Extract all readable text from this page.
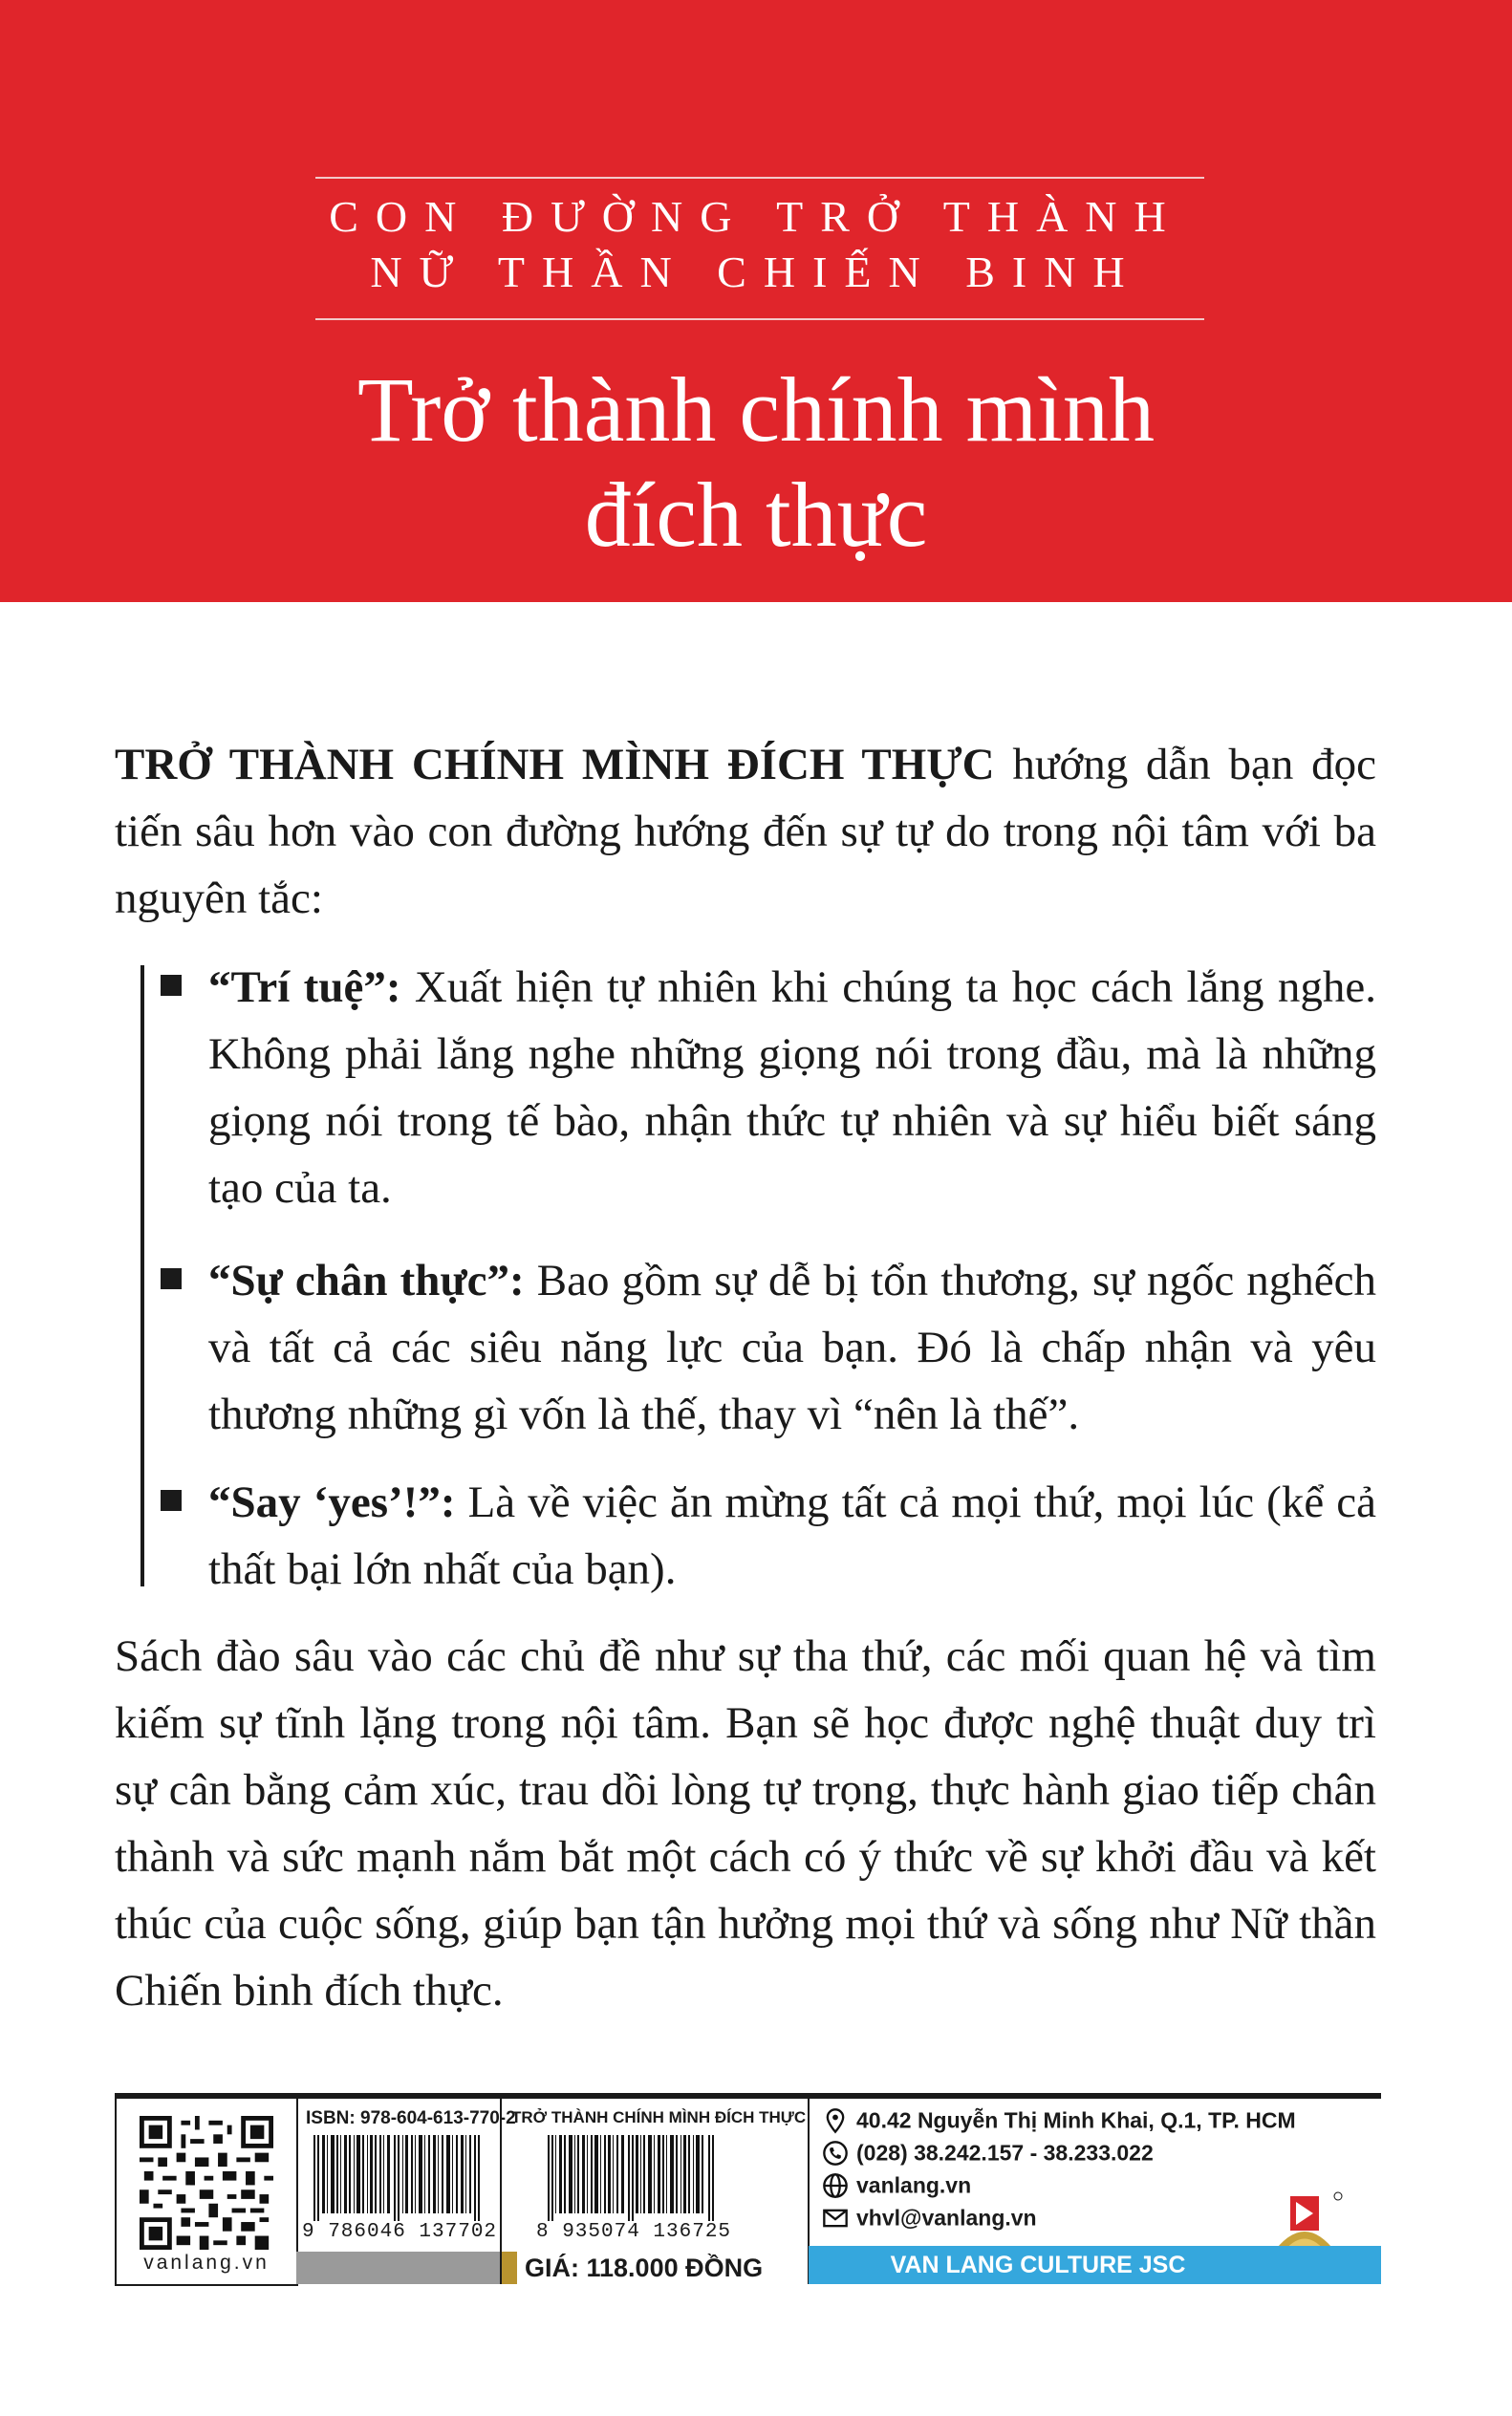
CON ĐƯỜNG TRỞ THÀNH
NỮ THẦN CHIẾN BINH
Trở thành chính mình
đích thực
TRỞ THÀNH CHÍNH MÌNH ĐÍCH THỰC hướng dẫn bạn đọc tiến sâu hơn vào con đường hướng đến sự tự do trong nội tâm với ba nguyên tắc:
“Trí tuệ”: Xuất hiện tự nhiên khi chúng ta học cách lắng nghe. Không phải lắng nghe những giọng nói trong đầu, mà là những giọng nói trong tế bào, nhận thức tự nhiên và sự hiểu biết sáng tạo của ta.
“Sự chân thực”: Bao gồm sự dễ bị tổn thương, sự ngốc nghếch và tất cả các siêu năng lực của bạn. Đó là chấp nhận và yêu thương những gì vốn là thế, thay vì “nên là thế”.
“Say ‘yes’!”: Là về việc ăn mừng tất cả mọi thứ, mọi lúc (kể cả thất bại lớn nhất của bạn).
Sách đào sâu vào các chủ đề như sự tha thứ, các mối quan hệ và tìm kiếm sự tĩnh lặng trong nội tâm. Bạn sẽ học được nghệ thuật duy trì sự cân bằng cảm xúc, trau dồi lòng tự trọng, thực hành giao tiếp chân thành và sức mạnh nắm bắt một cách có ý thức về sự khởi đầu và kết thúc của cuộc sống, giúp bạn tận hưởng mọi thứ và sống như Nữ thần Chiến binh đích thực.
vanlang.vn
ISBN: 978-604-613-770-2
9 786046 137702
TRỞ THÀNH CHÍNH MÌNH ĐÍCH THỰC
8 935074 136725
GIÁ: 118.000 ĐỒNG
40.42 Nguyễn Thị Minh Khai, Q.1, TP. HCM
(028) 38.242.157 - 38.233.022
vanlang.vn
vhvl@vanlang.vn
VAN LANG CULTURE JSC
